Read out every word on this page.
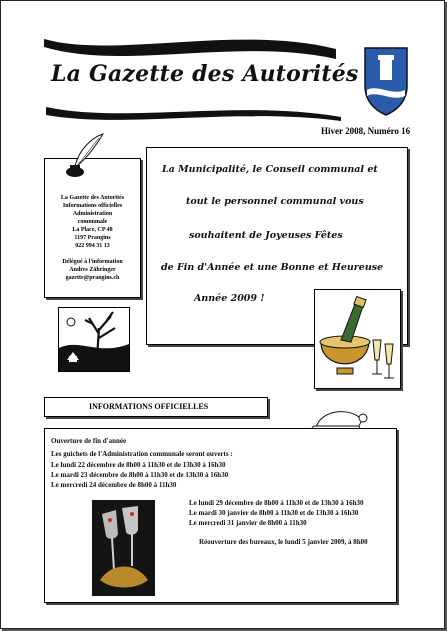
La Gazette des Autorités
Hiver 2008, Numéro 16
La Gazette des Autorités
Informations officielles
Administration
communale
La Place, CP 48
1197 Prangins
022 994 31 13
Délégué à l'information
Andres Zähringer
gazette@prangins.ch
La Municipalité, le Conseil communal et
tout le personnel communal vous
souhaitent de Joyeuses Fêtes
de Fin d'Année et une Bonne et Heureuse
Année 2009 !
INFORMATIONS OFFICIELLES
Ouverture de fin d'année
Les guichets de l'Administration communale seront ouverts :
Le lundi 22 décembre de 8h00 à 11h30 et de 13h30 à 16h30
Le mardi 23 décembre de 8h00 à 11h30 et de 13h30 à 16h30
Le mercredi 24 décembre de 8h00 à 11h30
Le lundi 29 décembre de 8h00 à 11h30 et de 13h30 à 16h30
Le mardi 30 janvier de 8h00 à 11h30 et de 13h30 à 16h30
Le mercredi 31 janvier de 8h00 à 11h30
Réouverture des bureaux, le lundi 5 janvier 2009, à 8h00
